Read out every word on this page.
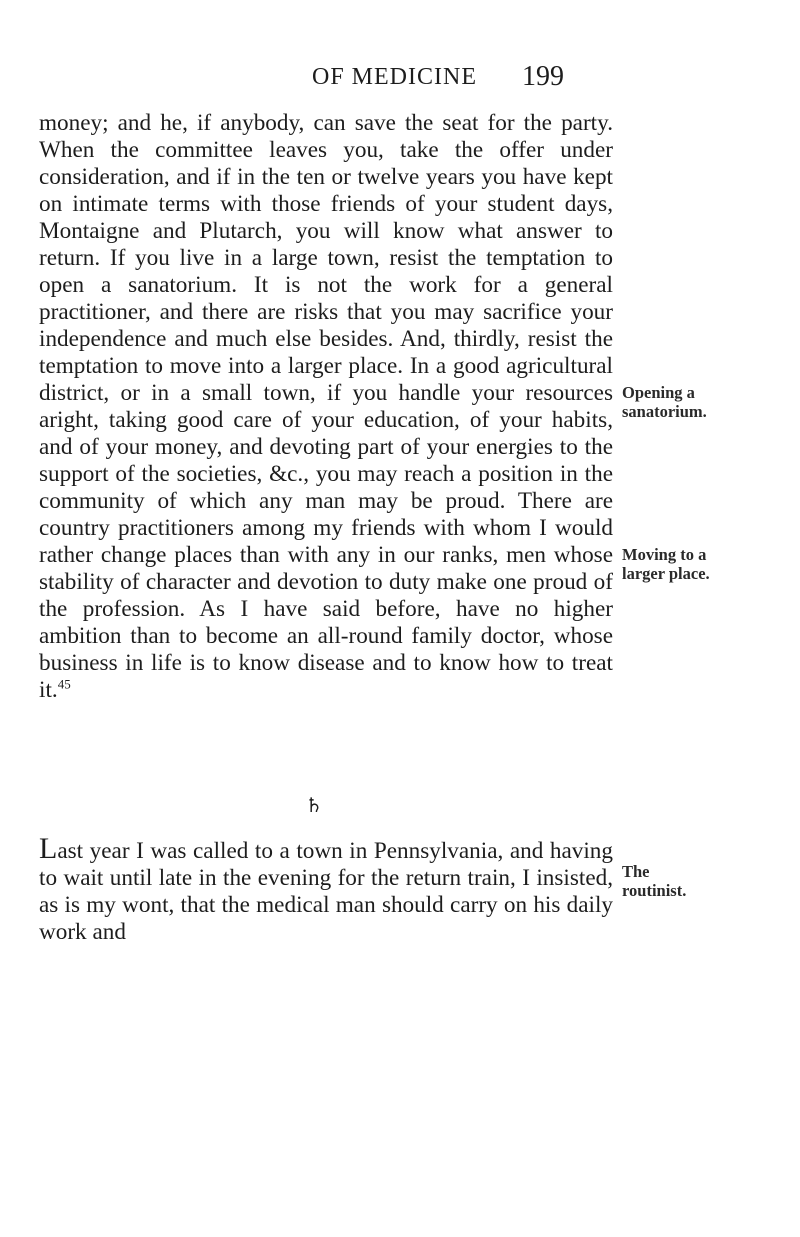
OF MEDICINE 199

money; and he, if anybody, can save the seat for the party. When the committee leaves you, take the offer under consideration, and if in the ten or twelve years you have kept on intimate terms with those friends of your student days, Montaigne and Plutarch, you will know what answer to return. If you live in a large town, resist the temptation to open a sanatorium. It is not the work for a general practitioner, and there are risks that you may sacrifice your independence and much else besides. And, thirdly, resist the temptation to move into a larger place. In a good agricultural district, or in a small town, if you handle your resources aright, taking good care of your education, of your habits, and of your money, and devoting part of your energies to the support of the societies, &c., you may reach a position in the community of which any man may be proud. There are country practitioners among my friends with whom I would rather change places than with any in our ranks, men whose stability of character and devotion to duty make one proud of the profession. As I have said before, have no higher ambition than to become an all-round family doctor, whose business in life is to know disease and to know how to treat it.$^{45}$

♄

Last year I was called to a town in Pennsylvania, and having to wait until late in the evening for the return train, I insisted, as is my wont, that the medical man should carry on his daily work and

Opening a
sanatorium.
Moving to a
larger place.
The
routinist.
